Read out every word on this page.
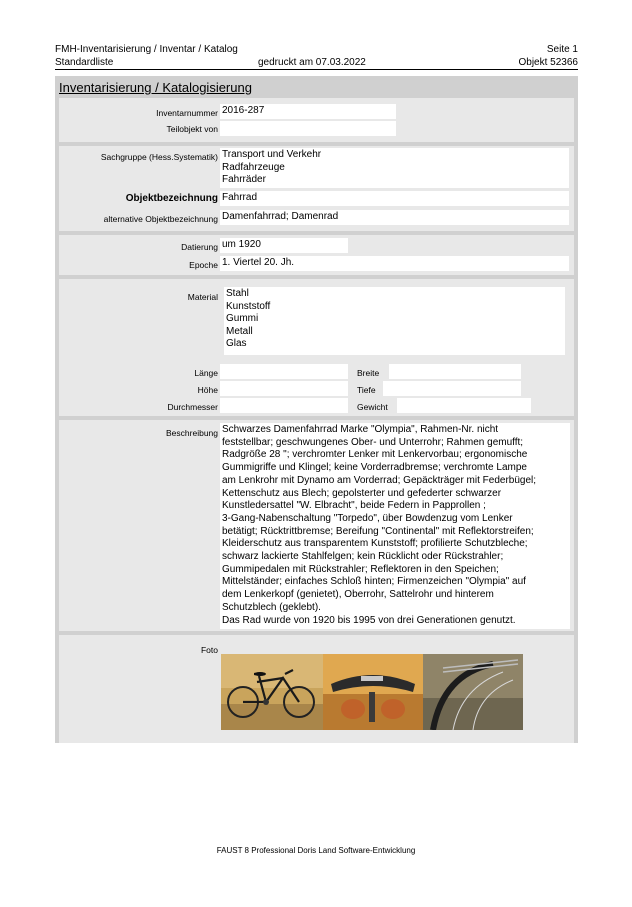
FMH-Inventarisierung / Inventar / Katalog	Seite 1
Standardliste	gedruckt am 07.03.2022	Objekt 52366
Inventarisierung / Katalogisierung
Inventarnummer 2016-287
Teilobjekt von
Sachgruppe (Hess.Systematik) Transport und Verkehr
Radfahrzeuge
Fahrräder
Objektbezeichnung Fahrrad
alternative Objektbezeichnung Damenfahrrad; Damenrad
Datierung um 1920
Epoche 1. Viertel 20. Jh.
Material Stahl
Kunststoff
Gummi
Metall
Glas
Länge	Breite
Höhe	Tiefe
Durchmesser	Gewicht
Beschreibung Schwarzes Damenfahrrad Marke "Olympia", Rahmen-Nr. nicht
feststellbar; geschwungenes Ober- und Unterrohr; Rahmen gemufft;
Radgröße 28 "; verchromter Lenker mit Lenkervorbau; ergonomische
Gummigriffe und Klingel; keine Vorderradbremse; verchromte Lampe
am Lenkrohr mit Dynamo am Vorderrad; Gepäckträger mit Federbügel;
Kettenschutz aus Blech; gepolsterter und gefederter schwarzer
Kunstledersattel "W. Elbracht", beide Federn in Papprollen ;
3-Gang-Nabenschaltung "Torpedo", über Bowdenzug vom Lenker
betätigt; Rücktrittbremse; Bereifung "Continental" mit Reflektorstreifen;
Kleiderschutz aus transparentem Kunststoff; profilierte Schutzbleche;
schwarz lackierte Stahlfelgen; kein Rücklicht oder Rückstrahler;
Gummipedalen mit Rückstrahler; Reflektoren in den Speichen;
Mittelständer; einfaches Schloß hinten; Firmenzeichen "Olympia" auf
dem Lenkerkopf (genietet), Oberrohr, Sattelrohr und hinterem
Schutzblech (geklebt).
Das Rad wurde von 1920 bis 1995 von drei Generationen genutzt.
Foto
FAUST 8 Professional Doris Land Software-Entwicklung
